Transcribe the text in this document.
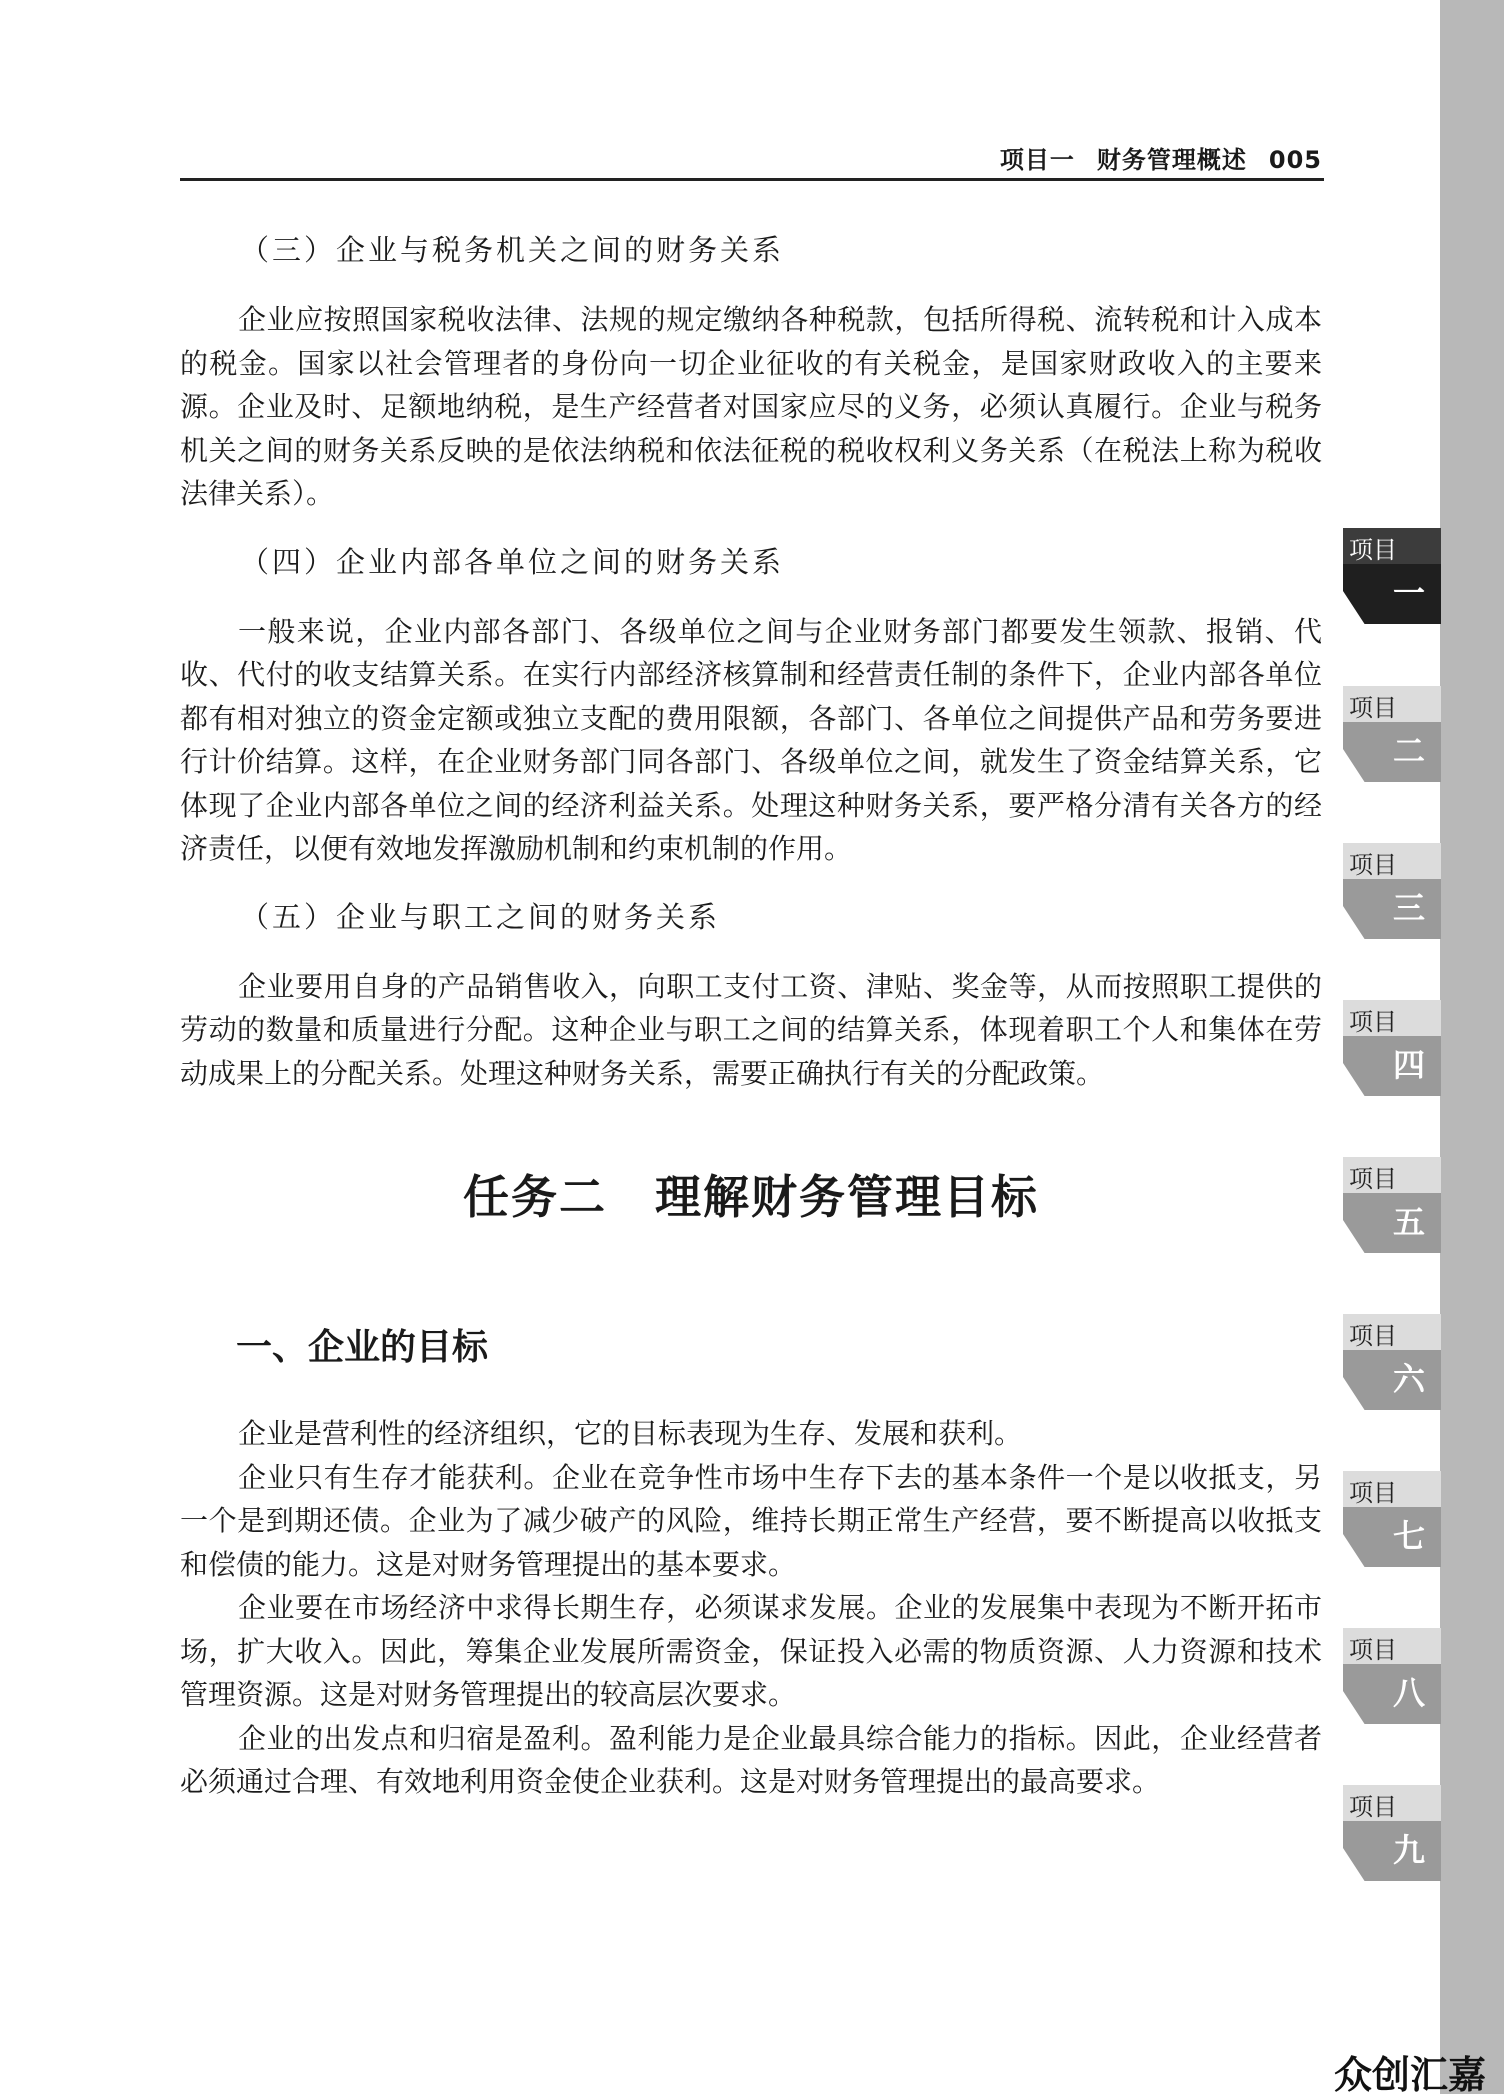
项目一 财务管理概述 005
项目
一
项目
二
项目
三
项目
四
项目
五
项目
六
项目
七
项目
八
项目
九
（三）企业与税务机关之间的财务关系

企业应按照国家税收法律、法规的规定缴纳各种税款，包括所得税、流转税和计入成本的税金。国家以社会管理者的身份向一切企业征收的有关税金，是国家财政收入的主要来源。企业及时、足额地纳税，是生产经营者对国家应尽的义务，必须认真履行。企业与税务机关之间的财务关系反映的是依法纳税和依法征税的税收权利义务关系（在税法上称为税收法律关系）。

（四）企业内部各单位之间的财务关系

一般来说，企业内部各部门、各级单位之间与企业财务部门都要发生领款、报销、代收、代付的收支结算关系。在实行内部经济核算制和经营责任制的条件下，企业内部各单位都有相对独立的资金定额或独立支配的费用限额，各部门、各单位之间提供产品和劳务要进行计价结算。这样，在企业财务部门同各部门、各级单位之间，就发生了资金结算关系，它体现了企业内部各单位之间的经济利益关系。处理这种财务关系，要严格分清有关各方的经济责任，以便有效地发挥激励机制和约束机制的作用。

（五）企业与职工之间的财务关系

企业要用自身的产品销售收入，向职工支付工资、津贴、奖金等，从而按照职工提供的劳动的数量和质量进行分配。这种企业与职工之间的结算关系，体现着职工个人和集体在劳动成果上的分配关系。处理这种财务关系，需要正确执行有关的分配政策。

任务二　理解财务管理目标
一、企业的目标

企业是营利性的经济组织，它的目标表现为生存、发展和获利。

企业只有生存才能获利。企业在竞争性市场中生存下去的基本条件一个是以收抵支，另一个是到期还债。企业为了减少破产的风险，维持长期正常生产经营，要不断提高以收抵支和偿债的能力。这是对财务管理提出的基本要求。

企业要在市场经济中求得长期生存，必须谋求发展。企业的发展集中表现为不断开拓市场，扩大收入。因此，筹集企业发展所需资金，保证投入必需的物质资源、人力资源和技术管理资源。这是对财务管理提出的较高层次要求。

企业的出发点和归宿是盈利。盈利能力是企业最具综合能力的指标。因此，企业经营者必须通过合理、有效地利用资金使企业获利。这是对财务管理提出的最高要求。

众创汇嘉
